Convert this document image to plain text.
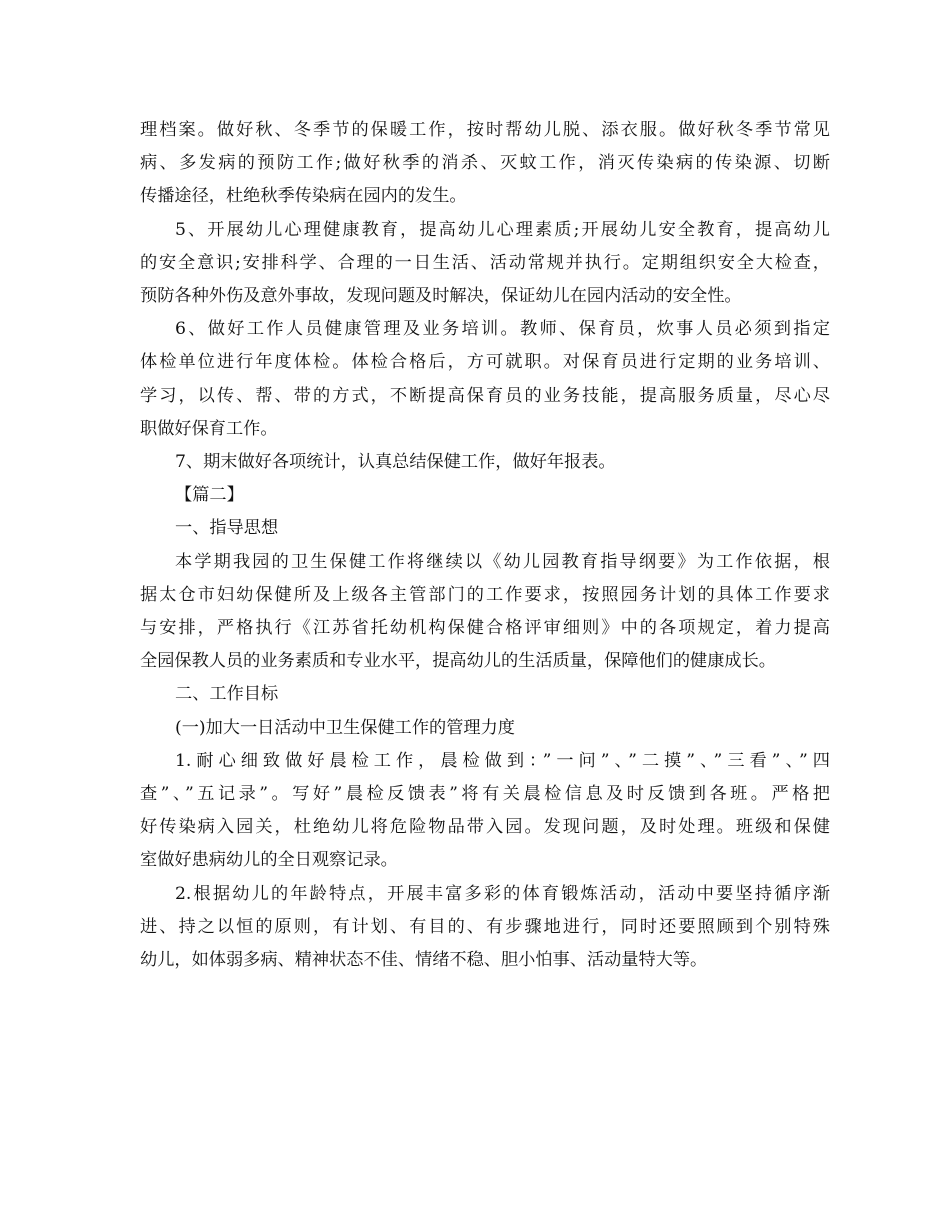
理档案。做好秋、冬季节的保暖工作，按时帮幼儿脱、添衣服。做好秋冬季节常见
病、多发病的预防工作;做好秋季的消杀、灭蚊工作，消灭传染病的传染源、切断
传播途径，杜绝秋季传染病在园内的发生。
5、开展幼儿心理健康教育，提高幼儿心理素质;开展幼儿安全教育，提高幼儿
的安全意识;安排科学、合理的一日生活、活动常规并执行。定期组织安全大检查，
预防各种外伤及意外事故，发现问题及时解决，保证幼儿在园内活动的安全性。
6、做好工作人员健康管理及业务培训。教师、保育员，炊事人员必须到指定
体检单位进行年度体检。体检合格后，方可就职。对保育员进行定期的业务培训、
学习，以传、帮、带的方式，不断提高保育员的业务技能，提高服务质量，尽心尽
职做好保育工作。
7、期末做好各项统计，认真总结保健工作，做好年报表。
【篇二】
一、指导思想
本学期我园的卫生保健工作将继续以《幼儿园教育指导纲要》为工作依据，根
据太仓市妇幼保健所及上级各主管部门的工作要求，按照园务计划的具体工作要求
与安排，严格执行《江苏省托幼机构保健合格评审细则》中的各项规定，着力提高
全园保教人员的业务素质和专业水平，提高幼儿的生活质量，保障他们的健康成长。
二、工作目标
(一)加大一日活动中卫生保健工作的管理力度
1.耐心细致做好晨检工作，晨检做到：”一问”、”二摸”、”三看”、”四
查”、”五记录”。写好”晨检反馈表”将有关晨检信息及时反馈到各班。严格把
好传染病入园关，杜绝幼儿将危险物品带入园。发现问题，及时处理。班级和保健
室做好患病幼儿的全日观察记录。
2.根据幼儿的年龄特点，开展丰富多彩的体育锻炼活动，活动中要坚持循序渐
进、持之以恒的原则，有计划、有目的、有步骤地进行，同时还要照顾到个别特殊
幼儿，如体弱多病、精神状态不佳、情绪不稳、胆小怕事、活动量特大等。
